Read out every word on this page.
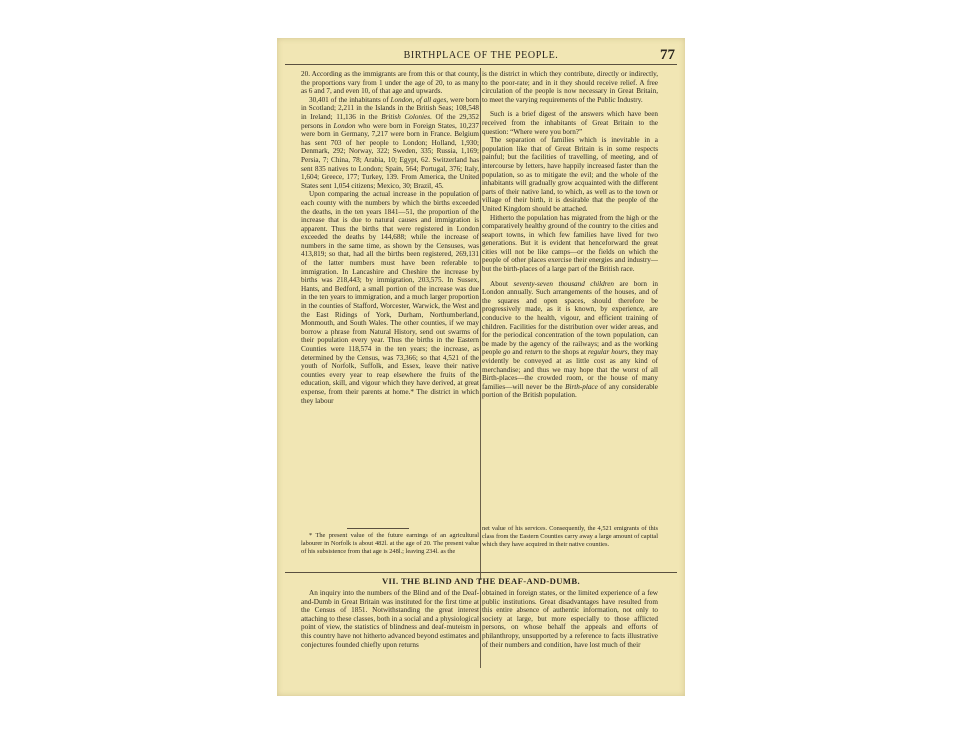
BIRTHPLACE OF THE PEOPLE.	77

20. According as the immigrants are from this or that county, the proportions vary from 1 under the age of 20, to as many as 6 and 7, and even 10, of that age and upwards.

30,401 of the inhabitants of London, of all ages, were born in Scotland; 2,211 in the Islands in the British Seas; 108,548 in Ireland; 11,136 in the British Colonies. Of the 29,352 persons in London who were born in Foreign States, 10,237 were born in Germany, 7,217 were born in France. Belgium has sent 703 of her people to London; Holland, 1,930; Denmark, 292; Norway, 322; Sweden, 335; Russia, 1,169; Persia, 7; China, 78; Arabia, 10; Egypt, 62. Switzerland has sent 835 natives to London; Spain, 564; Portugal, 376; Italy, 1,604; Greece, 177; Turkey, 139. From America, the United States sent 1,054 citizens; Mexico, 30; Brazil, 45.

Upon comparing the actual increase in the population of each county with the numbers by which the births exceeded the deaths, in the ten years 1841—51, the proportion of the increase that is due to natural causes and immigration is apparent. Thus the births that were registered in London exceeded the deaths by 144,688; while the increase of numbers in the same time, as shown by the Censuses, was 413,819; so that, had all the births been registered, 269,131 of the latter numbers must have been referable to immigration. In Lancashire and Cheshire the increase by births was 218,443; by immigration, 203,575. In Sussex, Hants, and Bedford, a small portion of the increase was due in the ten years to immigration, and a much larger proportion in the counties of Stafford, Worcester, Warwick, the West and the East Ridings of York, Durham, Northumberland, Monmouth, and South Wales. The other counties, if we may borrow a phrase from Natural History, send out swarms of their population every year. Thus the births in the Eastern Counties were 118,574 in the ten years; the increase, as determined by the Census, was 73,366; so that 4,521 of the youth of Norfolk, Suffolk, and Essex, leave their native counties every year to reap elsewhere the fruits of the education, skill, and vigour which they have derived, at great expense, from their parents at home.* The district in which they labour

is the district in which they contribute, directly or indirectly, to the poor-rate; and in it they should receive relief. A free circulation of the people is now necessary in Great Britain, to meet the varying requirements of the Public Industry.

Such is a brief digest of the answers which have been received from the inhabitants of Great Britain to the question: “Where were you born?”

The separation of families which is inevitable in a population like that of Great Britain is in some respects painful; but the facilities of travelling, of meeting, and of intercourse by letters, have happily increased faster than the population, so as to mitigate the evil; and the whole of the inhabitants will gradually grow acquainted with the different parts of their native land, to which, as well as to the town or village of their birth, it is desirable that the people of the United Kingdom should be attached.

Hitherto the population has migrated from the high or the comparatively healthy ground of the country to the cities and seaport towns, in which few families have lived for two generations. But it is evident that henceforward the great cities will not be like camps—or the fields on which the people of other places exercise their energies and industry—but the birth-places of a large part of the British race.

About seventy-seven thousand children are born in London annually. Such arrangements of the houses, and of the squares and open spaces, should therefore be progressively made, as it is known, by experience, are conducive to the health, vigour, and efficient training of children. Facilities for the distribution over wider areas, and for the periodical concentration of the town population, can be made by the agency of the railways; and as the working people go and return to the shops at regular hours, they may evidently be conveyed at as little cost as any kind of merchandise; and thus we may hope that the worst of all Birth-places—the crowded room, or the house of many families—will never be the Birth-place of any considerable portion of the British population.

* The present value of the future earnings of an agricultural labourer in Norfolk is about 482l. at the age of 20. The present value of his subsistence from that age is 248l.; leaving 234l. as the

net value of his services. Consequently, the 4,521 emigrants of this class from the Eastern Counties carry away a large amount of capital which they have acquired in their native counties.

VII. THE BLIND AND THE DEAF-AND-DUMB.

An inquiry into the numbers of the Blind and of the Deaf-and-Dumb in Great Britain was instituted for the first time at the Census of 1851. Notwithstanding the great interest attaching to these classes, both in a social and a physiological point of view, the statistics of blindness and deaf-muteism in this country have not hitherto advanced beyond estimates and conjectures founded chiefly upon returns

obtained in foreign states, or the limited experience of a few public institutions. Great disadvantages have resulted from this entire absence of authentic information, not only to society at large, but more especially to those afflicted persons, on whose behalf the appeals and efforts of philanthropy, unsupported by a reference to facts illustrative of their numbers and condition, have lost much of their
